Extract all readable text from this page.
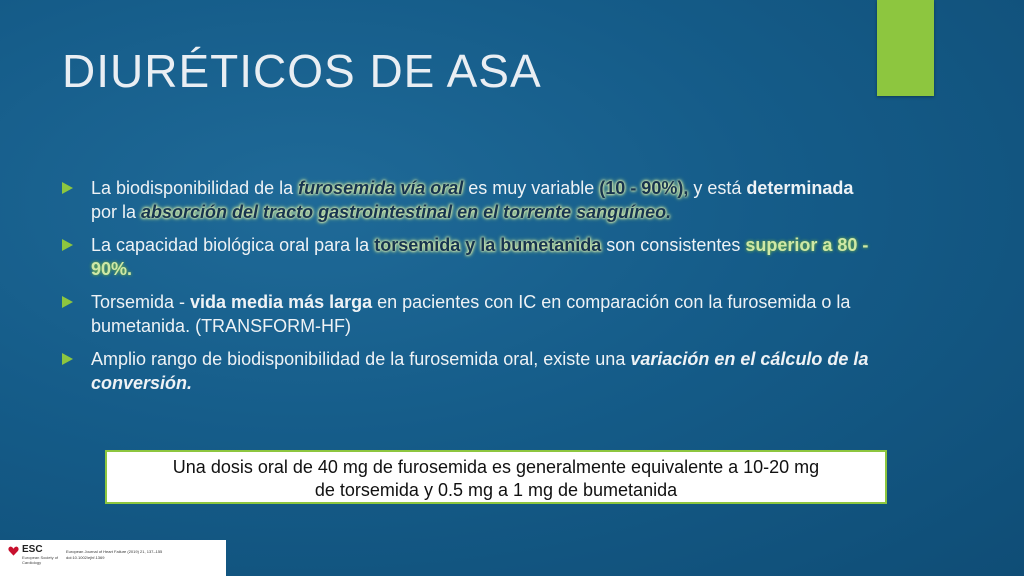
DIURÉTICOS DE ASA
La biodisponibilidad de la furosemida vía oral es muy variable (10 - 90%), y está determinada por la absorción del tracto gastrointestinal en el torrente sanguíneo.
La capacidad biológica oral para la torsemida y la bumetanida son consistentes superior a 80 - 90%.
Torsemida - vida media más larga en pacientes con IC en comparación con la furosemida o la bumetanida. (TRANSFORM-HF)
Amplio rango de biodisponibilidad de la furosemida oral, existe una variación en el cálculo de la conversión.
Una dosis oral de 40 mg de furosemida es generalmente equivalente a 10-20 mg
de torsemida y 0.5 mg a 1 mg de bumetanida
ESC
European Society of Cardiology
European Journal of Heart Failure (2019) 21, 137–155
doi:10.1002/ejhf.1369
